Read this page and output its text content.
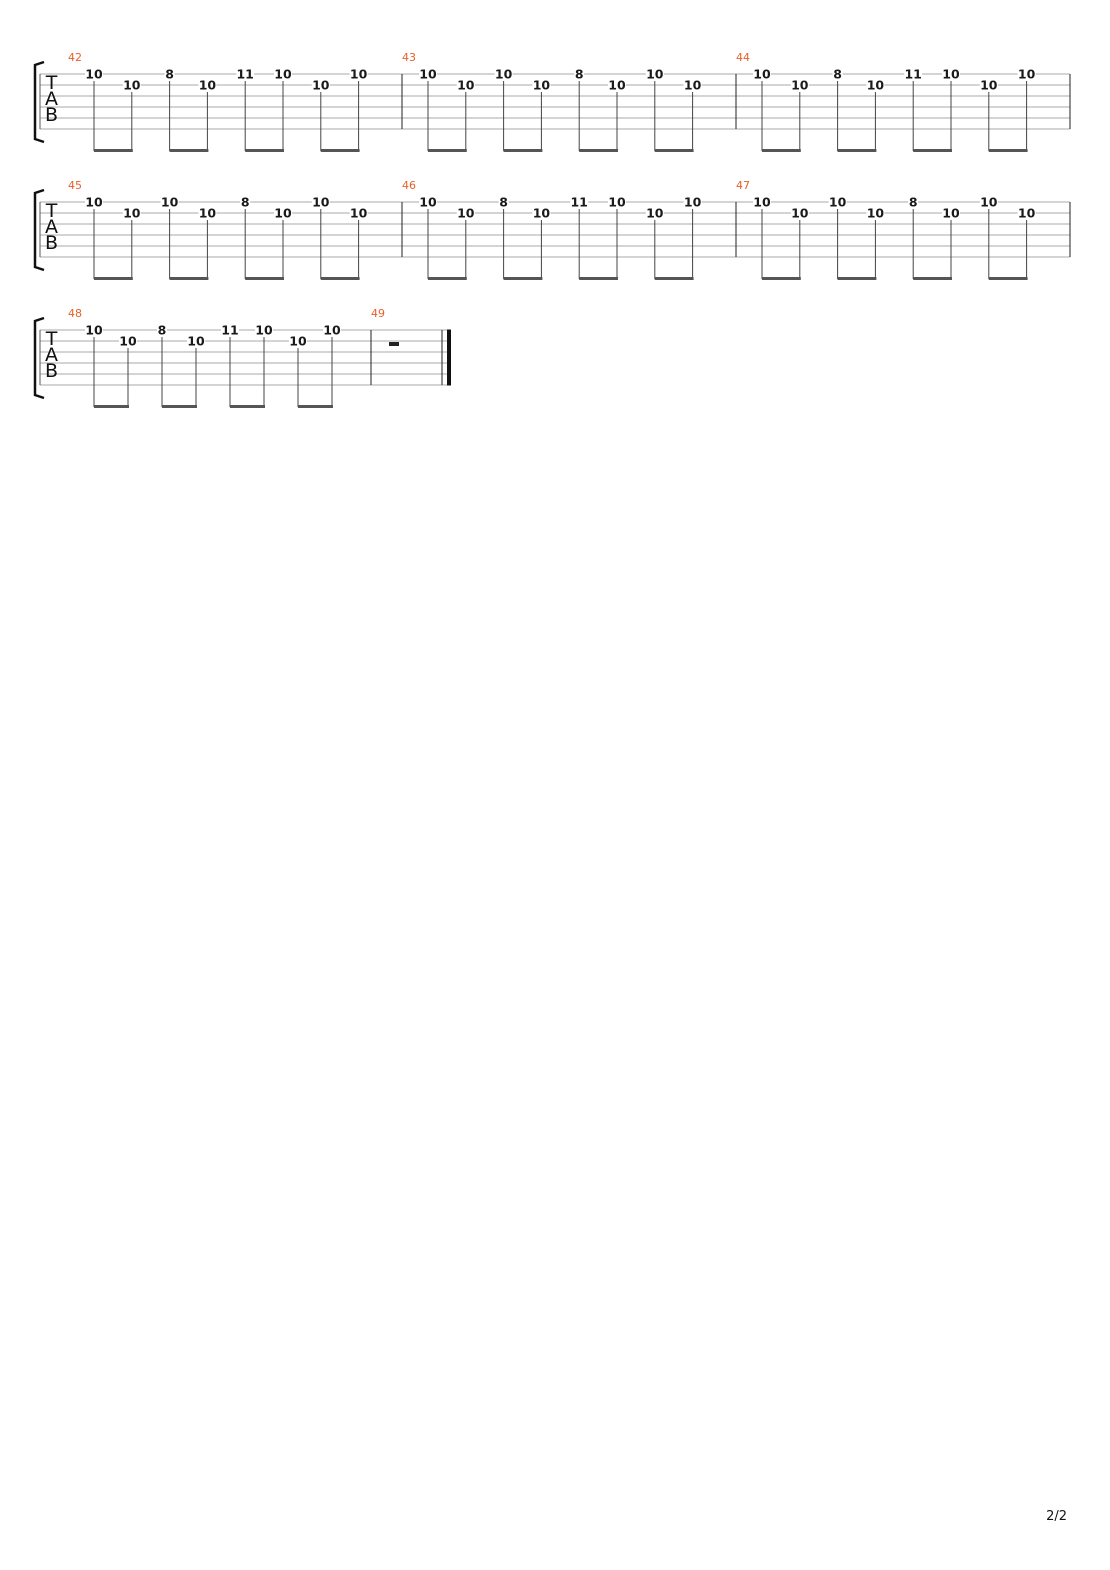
T
A
B
42
10
10
8
10
11 10
10
10
43
10
10
10
10
8
10
10
10
44
10
10
8
10
11 10
10
10
T
A
B
45
10
10
10
10
8
10
10
10
46
10
10
8
10
11 10
10
10
47
10
10
10
10
8
10
10
10
T
A
B
48
10
10
8
10
11 10
10
10
49
2/2
